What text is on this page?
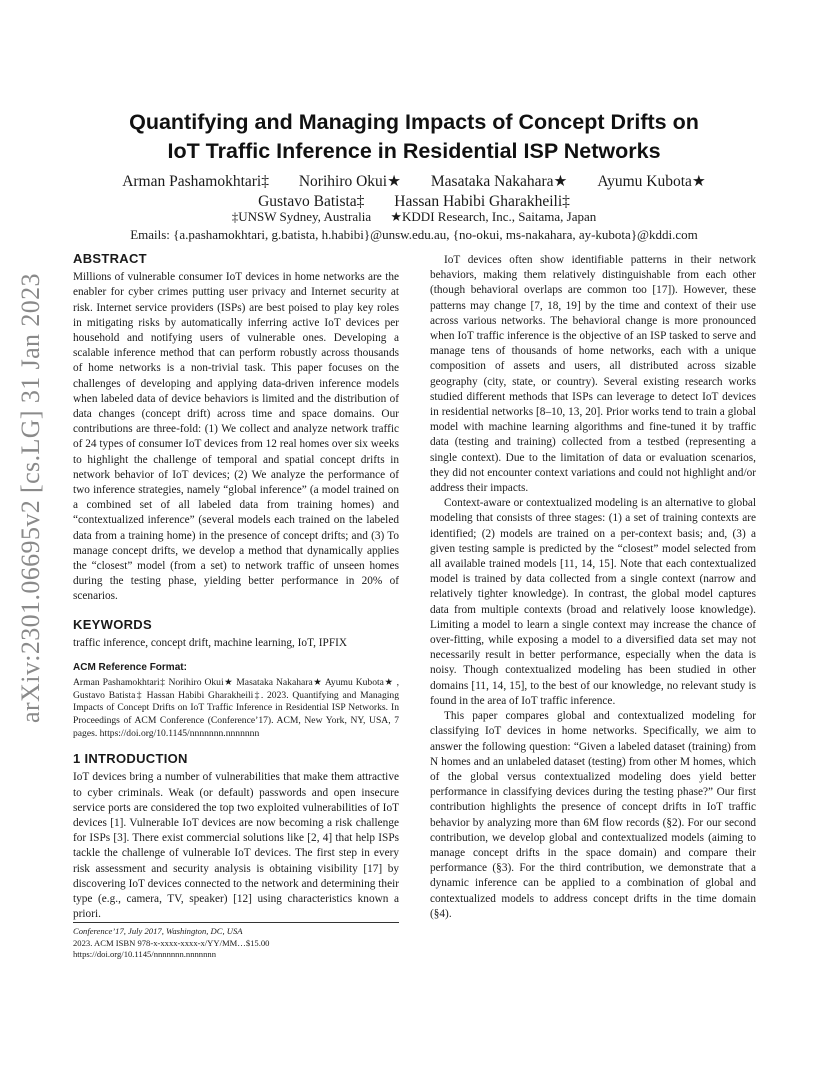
arXiv:2301.06695v2 [cs.LG] 31 Jan 2023
Quantifying and Managing Impacts of Concept Drifts on
IoT Traffic Inference in Residential ISP Networks
Arman Pashamokhtari‡ Norihiro Okui★ Masataka Nakahara★ Ayumu Kubota★
Gustavo Batista‡ Hassan Habibi Gharakheili‡
‡UNSW Sydney, Australia ★KDDI Research, Inc., Saitama, Japan
Emails: {a.pashamokhtari, g.batista, h.habibi}@unsw.edu.au, {no-okui, ms-nakahara, ay-kubota}@kddi.com
ABSTRACT

Millions of vulnerable consumer IoT devices in home networks are the enabler for cyber crimes putting user privacy and Internet security at risk. Internet service providers (ISPs) are best poised to play key roles in mitigating risks by automatically inferring active IoT devices per household and notifying users of vulnerable ones. Developing a scalable inference method that can perform robustly across thousands of home networks is a non-trivial task. This paper focuses on the challenges of developing and applying data-driven inference models when labeled data of device behaviors is limited and the distribution of data changes (concept drift) across time and space domains. Our contributions are three-fold: (1) We collect and analyze network traffic of 24 types of consumer IoT devices from 12 real homes over six weeks to highlight the challenge of temporal and spatial concept drifts in network behavior of IoT devices; (2) We analyze the performance of two inference strategies, namely “global inference” (a model trained on a combined set of all labeled data from training homes) and “contextualized inference” (several models each trained on the labeled data from a training home) in the presence of concept drifts; and (3) To manage concept drifts, we develop a method that dynamically applies the “closest” model (from a set) to network traffic of unseen homes during the testing phase, yielding better performance in 20% of scenarios.

KEYWORDS

traffic inference, concept drift, machine learning, IoT, IPFIX

ACM Reference Format:

Arman Pashamokhtari‡ Norihiro Okui★ Masataka Nakahara★ Ayumu Kubota★ , Gustavo Batista‡ Hassan Habibi Gharakheili‡. 2023. Quantifying and Managing Impacts of Concept Drifts on IoT Traffic Inference in Residential ISP Networks. In Proceedings of ACM Conference (Conference’17). ACM, New York, NY, USA, 7 pages. https://doi.org/10.1145/nnnnnnn.nnnnnnn

1 INTRODUCTION

IoT devices bring a number of vulnerabilities that make them attractive to cyber criminals. Weak (or default) passwords and open insecure service ports are considered the top two exploited vulnerabilities of IoT devices [1]. Vulnerable IoT devices are now becoming a risk challenge for ISPs [3]. There exist commercial solutions like [2, 4] that help ISPs tackle the challenge of vulnerable IoT devices. The first step in every risk assessment and security analysis is obtaining visibility [17] by discovering IoT devices connected to the network and determining their type (e.g., camera, TV, speaker) [12] using characteristics known a priori.

Conference’17, July 2017, Washington, DC, USA
2023. ACM ISBN 978-x-xxxx-xxxx-x/YY/MM…$15.00
https://doi.org/10.1145/nnnnnnn.nnnnnnn

IoT devices often show identifiable patterns in their network behaviors, making them relatively distinguishable from each other (though behavioral overlaps are common too [17]). However, these patterns may change [7, 18, 19] by the time and context of their use across various networks. The behavioral change is more pronounced when IoT traffic inference is the objective of an ISP tasked to serve and manage tens of thousands of home networks, each with a unique composition of assets and users, all distributed across sizable geography (city, state, or country). Several existing research works studied different methods that ISPs can leverage to detect IoT devices in residential networks [8–10, 13, 20]. Prior works tend to train a global model with machine learning algorithms and fine-tuned it by traffic data (testing and training) collected from a testbed (representing a single context). Due to the limitation of data or evaluation scenarios, they did not encounter context variations and could not highlight and/or address their impacts.

Context-aware or contextualized modeling is an alternative to global modeling that consists of three stages: (1) a set of training contexts are identified; (2) models are trained on a per-context basis; and, (3) a given testing sample is predicted by the “closest” model selected from all available trained models [11, 14, 15]. Note that each contextualized model is trained by data collected from a single context (narrow and relatively tighter knowledge). In contrast, the global model captures data from multiple contexts (broad and relatively loose knowledge). Limiting a model to learn a single context may increase the chance of over-fitting, while exposing a model to a diversified data set may not necessarily result in better performance, especially when the data is noisy. Though contextualized modeling has been studied in other domains [11, 14, 15], to the best of our knowledge, no relevant study is found in the area of IoT traffic inference.

This paper compares global and contextualized modeling for classifying IoT devices in home networks. Specifically, we aim to answer the following question: “Given a labeled dataset (training) from N homes and an unlabeled dataset (testing) from other M homes, which of the global versus contextualized modeling does yield better performance in classifying devices during the testing phase?” Our first contribution highlights the presence of concept drifts in IoT traffic behavior by analyzing more than 6M flow records (§2). For our second contribution, we develop global and contextualized models (aiming to manage concept drifts in the space domain) and compare their performance (§3). For the third contribution, we demonstrate that a dynamic inference can be applied to a combination of global and contextualized models to address concept drifts in the time domain (§4).
